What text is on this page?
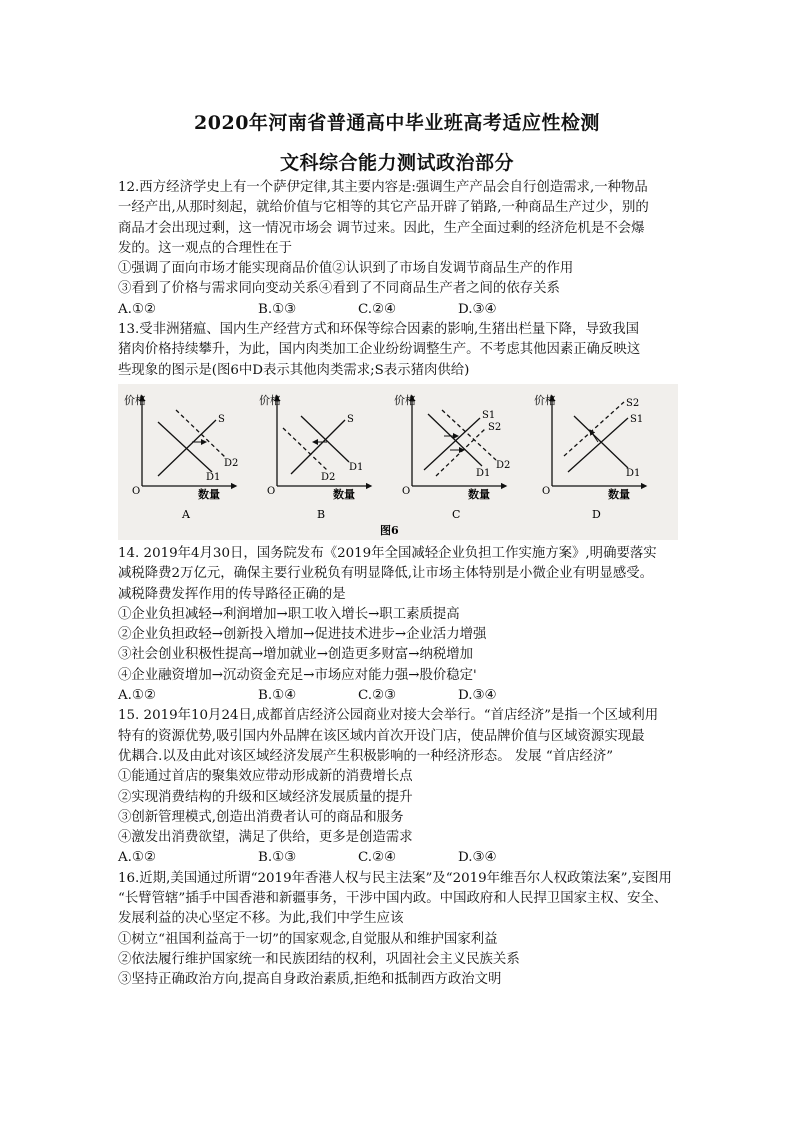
2020年河南省普通高中毕业班高考适应性检测
文科综合能力测试政治部分

12.西方经济学史上有一个萨伊定律,其主要内容是:强调生产产品会自行创造需求,一种物品

一经产出,从那时刻起，就给价值与它相等的其它产品开辟了销路,一种商品生产过少，别的

商品才会出现过剩，这一情况市场会 调节过来。因此，生产全面过剩的经济危机是不会爆

发的。这一观点的合理性在于

①强调了面向市场才能实现商品价值②认识到了市场自发调节商品生产的作用

③看到了价格与需求同向变动关系④看到了不同商品生产者之间的依存关系

A.①②	B.①③	C.②④	D.③④

13.受非洲猪瘟、国内生产经营方式和环保等综合因素的影响,生猪出栏量下降，导致我国

猪肉价格持续攀升，为此，国内肉类加工企业纷纷调整生产。不考虑其他因素正确反映这

些现象的图示是(图6中D表示其他肉类需求;S表示猪肉供给)

价格
O	数量
S
D1
D2
A
价格
O	数量
S
D1
D2
B
价格
O	数量
S1
S2
D1
D2
C
价格
O	数量
S2
S1
D1
D
图6

14. 2019年4月30日，国务院发布《2019年全国减轻企业负担工作实施方案》,明确要落实

减税降费2万亿元，确保主要行业税负有明显降低,让市场主体特别是小微企业有明显感受。

减税降费发挥作用的传导路径正确的是

①企业负担减轻→利润增加→职工收入增长→职工素质提高

②企业负担政轻→创新投入增加→促进技术进步→企业活力增强

③社会创业积极性提高→增加就业→创造更多财富→纳税增加

④企业融资增加→沉动资金充足→市场应对能力强→股价稳定'

A.①②	B.①④	C.②③	D.③④

15. 2019年10月24日,成都首店经济公园商业对接大会举行。“首店经济”是指一个区域利用

特有的资源优势,吸引国内外品牌在该区域内首次开设门店，使品牌价值与区域资源实现最

优耦合.以及由此对该区域经济发展产生积极影响的一种经济形态。 发展 “首店经济”

①能通过首店的聚集效应带动形成新的消费增长点

②实现消费结构的升级和区域经济发展质量的提升

③创新管理模式,创造出消费者认可的商品和服务

④激发出消费欲望，满足了供给，更多是创造需求

A.①②	B.①③	C.②④	D.③④

16.近期,美国通过所谓“2019年香港人权与民主法案”及“2019年维吾尔人权政策法案”,妄图用

“长臂管辖”插手中国香港和新疆事务，干涉中国内政。中国政府和人民捍卫国家主权、安全、

发展利益的决心坚定不移。为此,我们中学生应该

①树立“祖国利益高于一切”的国家观念,自觉服从和维护国家利益

②依法履行维护国家统一和民族团结的权利，巩固社会主义民族关系

③坚持正确政治方向,提高自身政治素质,拒绝和抵制西方政治文明
